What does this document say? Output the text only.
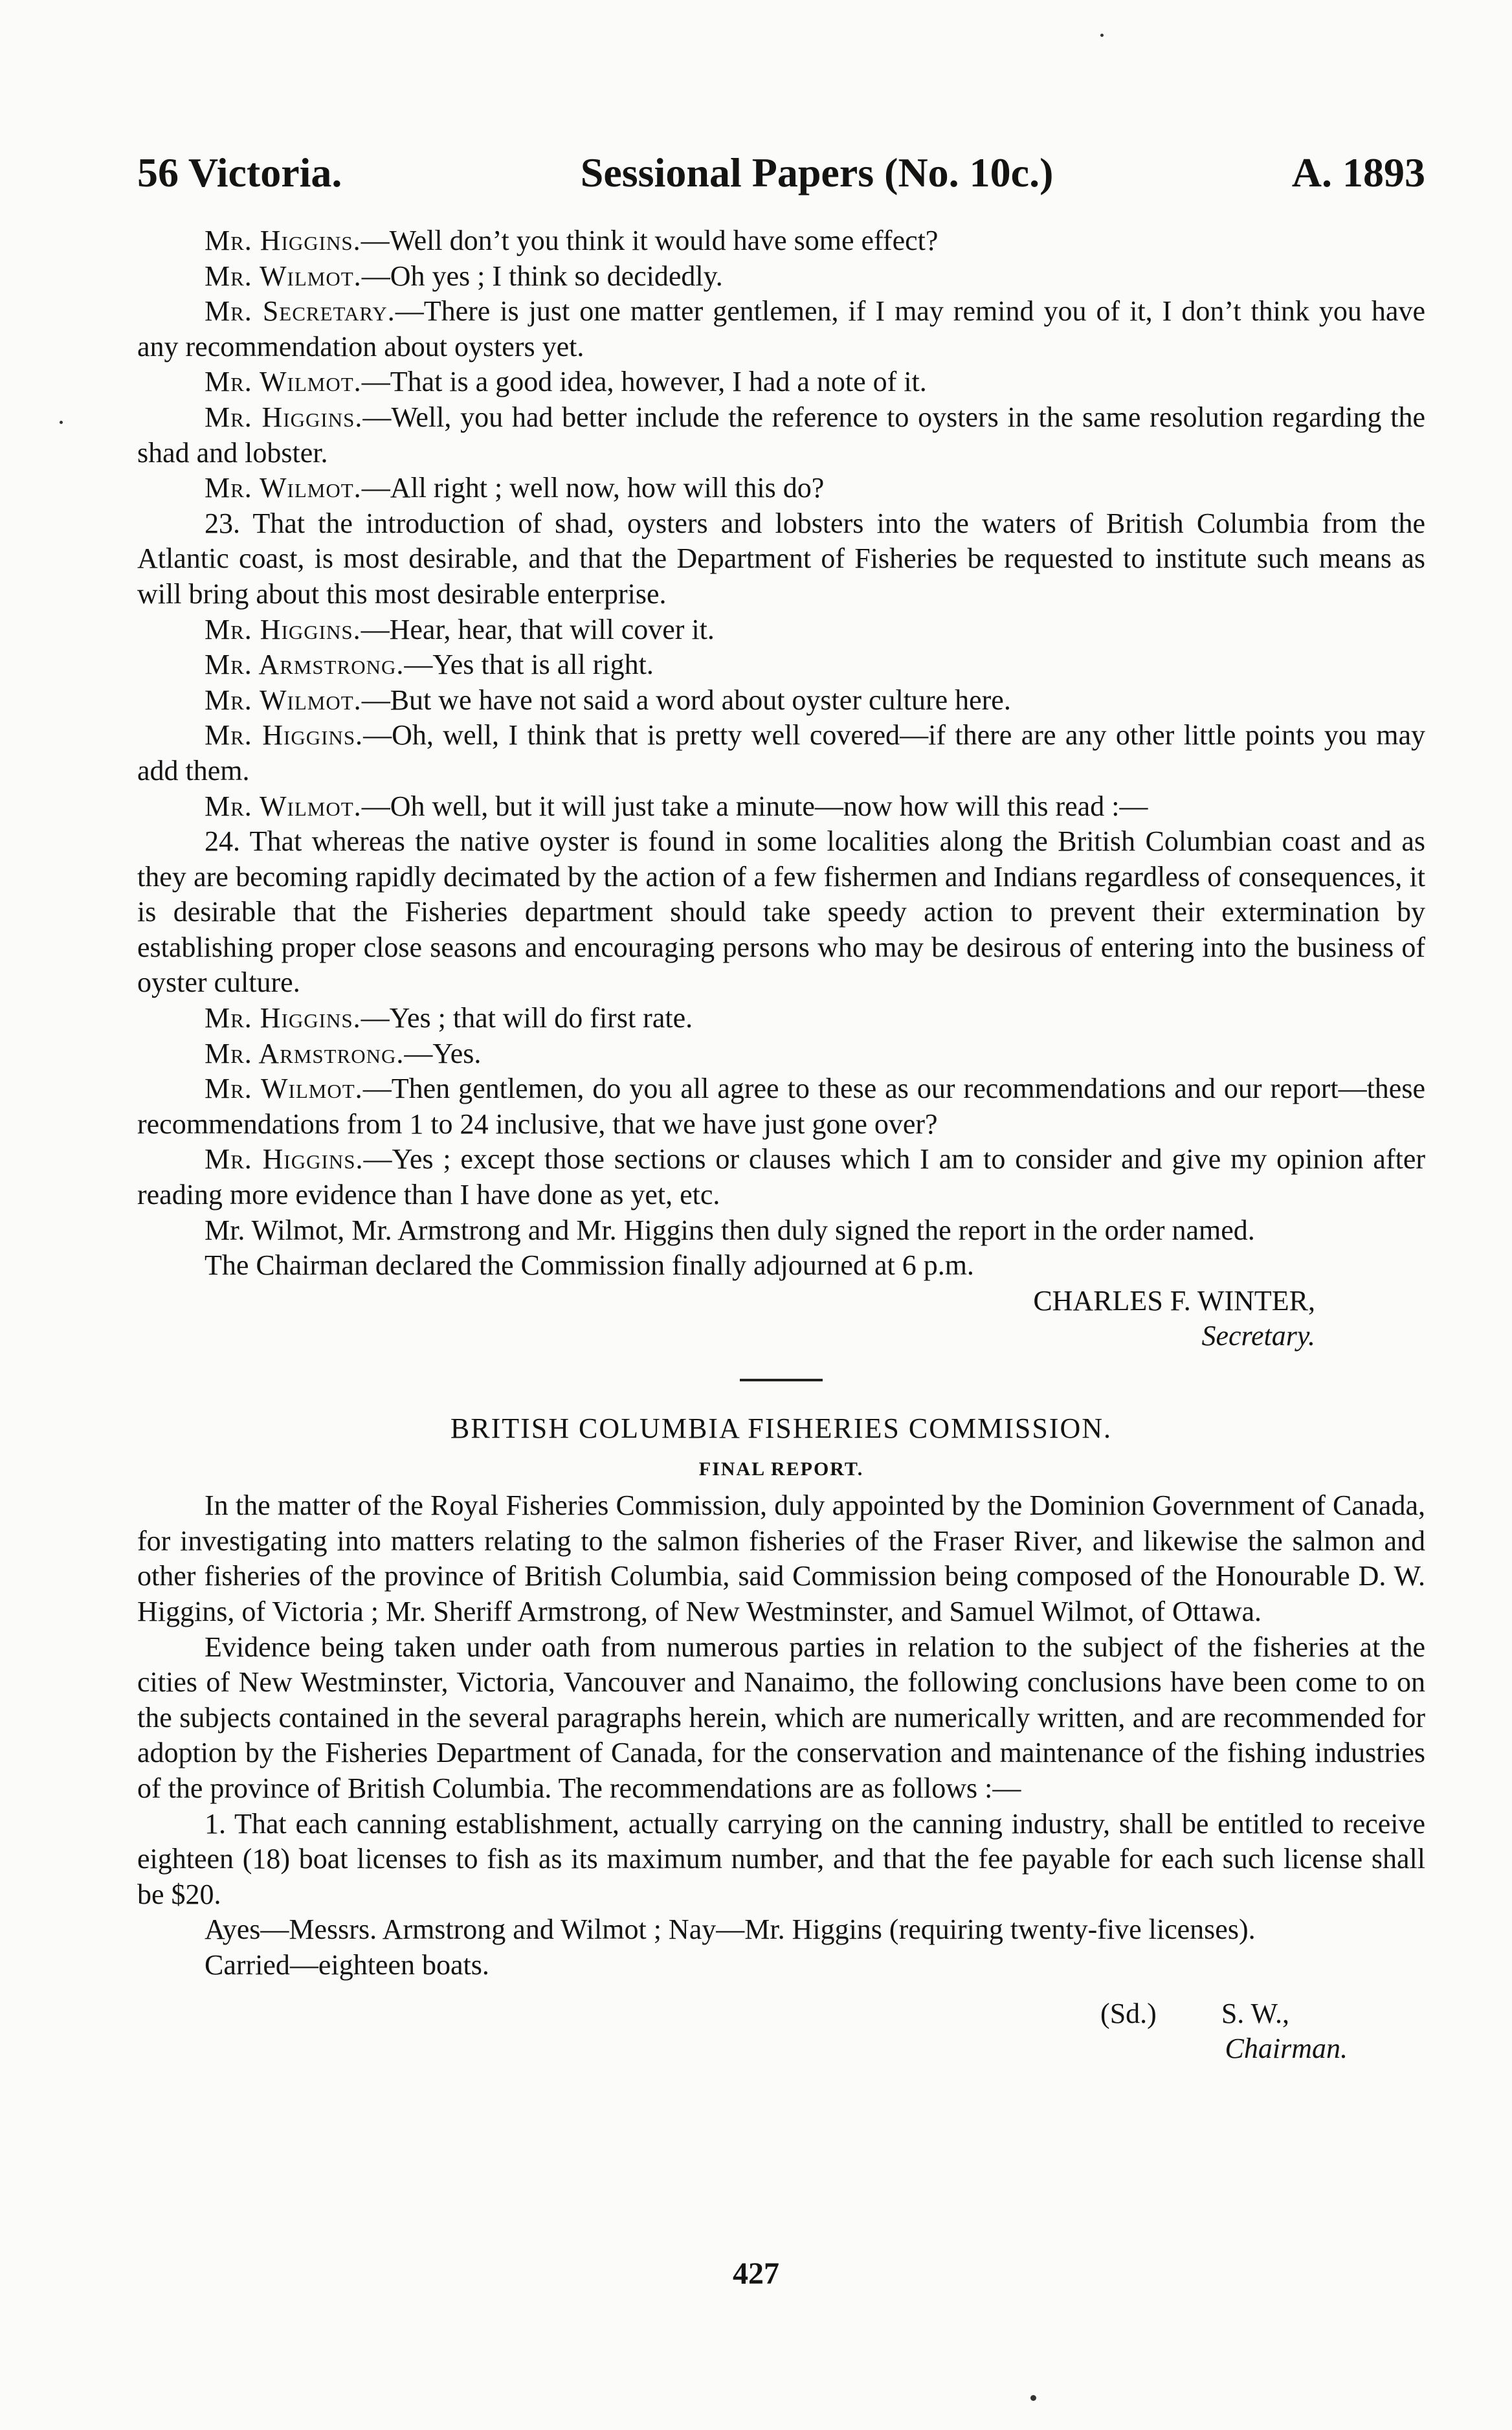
56 Victoria.	Sessional Papers (No. 10c.)	A. 1893

Mr. Higgins.—Well don’t you think it would have some effect?

Mr. Wilmot.—Oh yes ; I think so decidedly.

Mr. Secretary.—There is just one matter gentlemen, if I may remind you of it, I don’t think you have any recommendation about oysters yet.

Mr. Wilmot.—That is a good idea, however, I had a note of it.

Mr. Higgins.—Well, you had better include the reference to oysters in the same resolution regarding the shad and lobster.

Mr. Wilmot.—All right ; well now, how will this do?

23. That the introduction of shad, oysters and lobsters into the waters of British Columbia from the Atlantic coast, is most desirable, and that the Department of Fisheries be requested to institute such means as will bring about this most desirable enterprise.

Mr. Higgins.—Hear, hear, that will cover it.

Mr. Armstrong.—Yes that is all right.

Mr. Wilmot.—But we have not said a word about oyster culture here.

Mr. Higgins.—Oh, well, I think that is pretty well covered—if there are any other little points you may add them.

Mr. Wilmot.—Oh well, but it will just take a minute—now how will this read :—

24. That whereas the native oyster is found in some localities along the British Columbian coast and as they are becoming rapidly decimated by the action of a few fishermen and Indians regardless of consequences, it is desirable that the Fisheries department should take speedy action to prevent their extermination by establishing proper close seasons and encouraging persons who may be desirous of entering into the business of oyster culture.

Mr. Higgins.—Yes ; that will do first rate.

Mr. Armstrong.—Yes.

Mr. Wilmot.—Then gentlemen, do you all agree to these as our recommendations and our report—these recommendations from 1 to 24 inclusive, that we have just gone over?

Mr. Higgins.—Yes ; except those sections or clauses which I am to consider and give my opinion after reading more evidence than I have done as yet, etc.

Mr. Wilmot, Mr. Armstrong and Mr. Higgins then duly signed the report in the order named.

The Chairman declared the Commission finally adjourned at 6 p.m.

CHARLES F. WINTER,

Secretary.

BRITISH COLUMBIA FISHERIES COMMISSION.

FINAL REPORT.

In the matter of the Royal Fisheries Commission, duly appointed by the Dominion Government of Canada, for investigating into matters relating to the salmon fisheries of the Fraser River, and likewise the salmon and other fisheries of the province of British Columbia, said Commission being composed of the Honourable D. W. Higgins, of Victoria ; Mr. Sheriff Armstrong, of New Westminster, and Samuel Wilmot, of Ottawa.

Evidence being taken under oath from numerous parties in relation to the subject of the fisheries at the cities of New Westminster, Victoria, Vancouver and Nanaimo, the following conclusions have been come to on the subjects contained in the several paragraphs herein, which are numerically written, and are recommended for adoption by the Fisheries Department of Canada, for the conservation and maintenance of the fishing industries of the province of British Columbia. The recommendations are as follows :—

1. That each canning establishment, actually carrying on the canning industry, shall be entitled to receive eighteen (18) boat licenses to fish as its maximum number, and that the fee payable for each such license shall be $20.

Ayes—Messrs. Armstrong and Wilmot ; Nay—Mr. Higgins (requiring twenty-five licenses).

Carried—eighteen boats.

(Sd.) S. W.,

Chairman.

427
